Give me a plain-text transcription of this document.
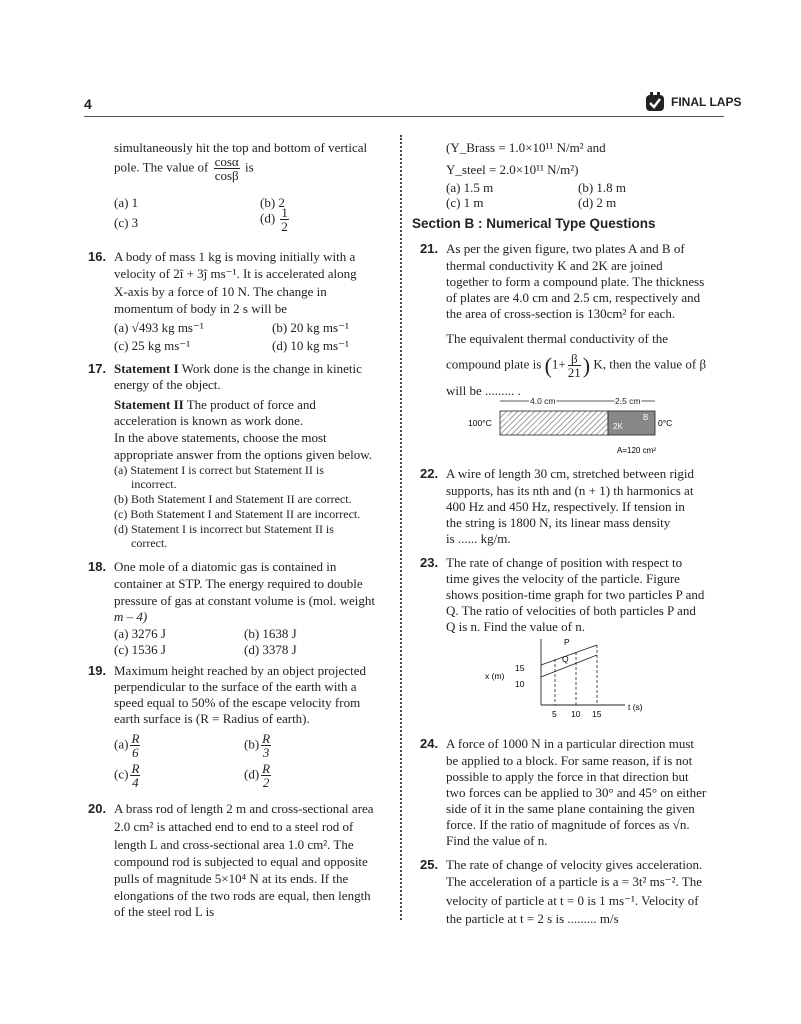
4	FINAL LAPS
simultaneously hit the top and bottom of vertical
pole. The value of $\frac{\cos\alpha}{\cos\beta}$ is
(a) 1	(b) 2
(c) 3	$(d) \frac{1}{2}$
16. A body of mass 1 kg is moving initially with a
velocity of 2î + 3ĵ ms⁻¹. It is accelerated along
X-axis by a force of 10 N. The change in
momentum of body in 2 s will be
(a) √493 kg ms⁻¹	(b) 20 kg ms⁻¹
(c) 25 kg ms⁻¹	(d) 10 kg ms⁻¹
17. Statement I Work done is the change in kinetic
energy of the object.
Statement II The product of force and
acceleration is known as work done.
In the above statements, choose the most
appropriate answer from the options given below.
(a) Statement I is correct but Statement II is
incorrect.
(b) Both Statement I and Statement II are correct.
(c) Both Statement I and Statement II are incorrect.
(d) Statement I is incorrect but Statement II is
correct.
18. One mole of a diatomic gas is contained in
container at STP. The energy required to double
pressure of gas at constant volume is (mol. weight
m – 4)
(a) 3276 J	(b) 1638 J
(c) 1536 J	(d) 3378 J
19. Maximum height reached by an object projected
perpendicular to the surface of the earth with a
speed equal to 50% of the escape velocity from
earth surface is (R = Radius of earth).
$(a) \frac{R}{6}$	$(b) \frac{R}{3}$
$(c) \frac{R}{4}$	$(d) \frac{R}{2}$
20. A brass rod of length 2 m and cross-sectional area
2.0 cm² is attached end to end to a steel rod of
length L and cross-sectional area 1.0 cm². The
compound rod is subjected to equal and opposite
pulls of magnitude 5×10⁴ N at its ends. If the
elongations of the two rods are equal, then length
of the steel rod L is
(Y_Brass = 1.0×10¹¹ N/m² and
Y_steel = 2.0×10¹¹ N/m²)
(a) 1.5 m	(b) 1.8 m
(c) 1 m	(d) 2 m
Section B : Numerical Type Questions
21. As per the given figure, two plates A and B of
thermal conductivity K and 2K are joined
together to form a compound plate. The thickness
of plates are 4.0 cm and 2.5 cm, respectively and
the area of cross-section is 130cm² for each.
The equivalent thermal conductivity of the
compound plate is ($1+ \frac{\beta}{21}$ ) K, then the value of β
will be ......... .
4.0 cm	2.5 cm
100°C	0°C
A	B
K	2K
A=120 cm²
22. A wire of length 30 cm, stretched between rigid
supports, has its nth and (n + 1) th harmonics at
400 Hz and 450 Hz, respectively. If tension in
the string is 1800 N, its linear mass density
is ...... kg/m.
23. The rate of change of position with respect to
time gives the velocity of the particle. Figure
shows position-time graph for two particles P and
Q. The ratio of velocities of both particles P and
Q is n. Find the value of n.
P
Q
15
10
x (m)
5 10 15
t (s)
24. A force of 1000 N in a particular direction must
be applied to a block. For same reason, if is not
possible to apply the force in that direction but
two forces can be applied to 30° and 45° on either
side of it in the same plane containing the given
force. If the ratio of magnitude of forces as √n.
Find the value of n.
25. The rate of change of velocity gives acceleration.
The acceleration of a particle is a = 3t² ms⁻². The
velocity of particle at t = 0 is 1 ms⁻¹. Velocity of
the particle at t = 2 s is ......... m/s
